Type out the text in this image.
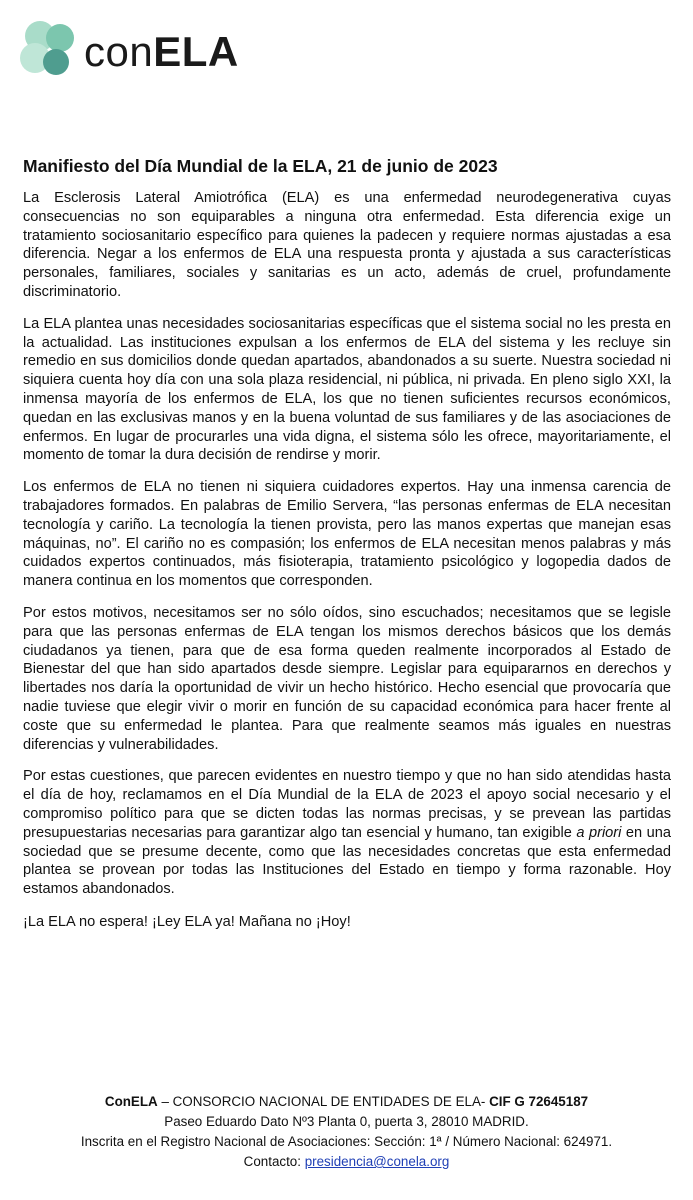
conELA
Manifiesto del Día Mundial de la ELA, 21 de junio de 2023

La Esclerosis Lateral Amiotrófica (ELA) es una enfermedad neurodegenerativa cuyas consecuencias no son equiparables a ninguna otra enfermedad. Esta diferencia exige un tratamiento sociosanitario específico para quienes la padecen y requiere normas ajustadas a esa diferencia. Negar a los enfermos de ELA una respuesta pronta y ajustada a sus características personales, familiares, sociales y sanitarias es un acto, además de cruel, profundamente discriminatorio.

La ELA plantea unas necesidades sociosanitarias específicas que el sistema social no les presta en la actualidad. Las instituciones expulsan a los enfermos de ELA del sistema y les recluye sin remedio en sus domicilios donde quedan apartados, abandonados a su suerte. Nuestra sociedad ni siquiera cuenta hoy día con una sola plaza residencial, ni pública, ni privada. En pleno siglo XXI, la inmensa mayoría de los enfermos de ELA, los que no tienen suficientes recursos económicos, quedan en las exclusivas manos y en la buena voluntad de sus familiares y de las asociaciones de enfermos. En lugar de procurarles una vida digna, el sistema sólo les ofrece, mayoritariamente, el momento de tomar la dura decisión de rendirse y morir.

Los enfermos de ELA no tienen ni siquiera cuidadores expertos. Hay una inmensa carencia de trabajadores formados. En palabras de Emilio Servera, “las personas enfermas de ELA necesitan tecnología y cariño. La tecnología la tienen provista, pero las manos expertas que manejan esas máquinas, no”. El cariño no es compasión; los enfermos de ELA necesitan menos palabras y más cuidados expertos continuados, más fisioterapia, tratamiento psicológico y logopedia dados de manera continua en los momentos que corresponden.

Por estos motivos, necesitamos ser no sólo oídos, sino escuchados; necesitamos que se legisle para que las personas enfermas de ELA tengan los mismos derechos básicos que los demás ciudadanos ya tienen, para que de esa forma queden realmente incorporados al Estado de Bienestar del que han sido apartados desde siempre. Legislar para equipararnos en derechos y libertades nos daría la oportunidad de vivir un hecho histórico. Hecho esencial que provocaría que nadie tuviese que elegir vivir o morir en función de su capacidad económica para hacer frente al coste que su enfermedad le plantea. Para que realmente seamos más iguales en nuestras diferencias y vulnerabilidades.

Por estas cuestiones, que parecen evidentes en nuestro tiempo y que no han sido atendidas hasta el día de hoy, reclamamos en el Día Mundial de la ELA de 2023 el apoyo social necesario y el compromiso político para que se dicten todas las normas precisas, y se prevean las partidas presupuestarias necesarias para garantizar algo tan esencial y humano, tan exigible a priori en una sociedad que se presume decente, como que las necesidades concretas que esta enfermedad plantea se provean por todas las Instituciones del Estado en tiempo y forma razonable. Hoy estamos abandonados.

¡La ELA no espera! ¡Ley ELA ya! Mañana no ¡Hoy!

ConELA – CONSORCIO NACIONAL DE ENTIDADES DE ELA- CIF G 72645187
Paseo Eduardo Dato Nº3 Planta 0, puerta 3, 28010 MADRID.
Inscrita en el Registro Nacional de Asociaciones: Sección: 1ª / Número Nacional: 624971.
Contacto: presidencia@conela.org
